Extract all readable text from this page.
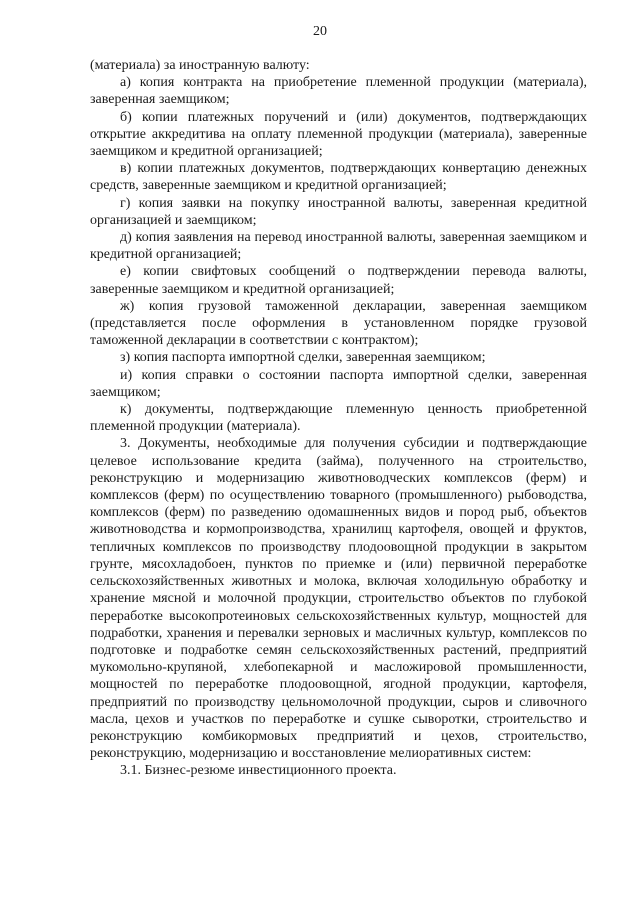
20

(материала) за иностранную валюту:

а) копия контракта на приобретение племенной продукции (материала), заверенная заемщиком;

б) копии платежных поручений и (или) документов, подтверждающих открытие аккредитива на оплату племенной продукции (материала), заверенные заемщиком и кредитной организацией;

в) копии платежных документов, подтверждающих конвертацию денежных средств, заверенные заемщиком и кредитной организацией;

г) копия заявки на покупку иностранной валюты, заверенная кредитной организацией и заемщиком;

д) копия заявления на перевод иностранной валюты, заверенная заемщиком и кредитной организацией;

е) копии свифтовых сообщений о подтверждении перевода валюты, заверенные заемщиком и кредитной организацией;

ж) копия грузовой таможенной декларации, заверенная заемщиком (представляется после оформления в установленном порядке грузовой таможенной декларации в соответствии с контрактом);

з) копия паспорта импортной сделки, заверенная заемщиком;

и) копия справки о состоянии паспорта импортной сделки, заверенная заемщиком;

к) документы, подтверждающие племенную ценность приобретенной племенной продукции (материала).

3. Документы, необходимые для получения субсидии и подтверждающие целевое использование кредита (займа), полученного на строительство, реконструкцию и модернизацию животноводческих комплексов (ферм) и комплексов (ферм) по осуществлению товарного (промышленного) рыбоводства, комплексов (ферм) по разведению одомашненных видов и пород рыб, объектов животноводства и кормопроизводства, хранилищ картофеля, овощей и фруктов, тепличных комплексов по производству плодоовощной продукции в закрытом грунте, мясохладобоен, пунктов по приемке и (или) первичной переработке сельскохозяйственных животных и молока, включая холодильную обработку и хранение мясной и молочной продукции, строительство объектов по глубокой переработке высокопротеиновых сельскохозяйственных культур, мощностей для подработки, хранения и перевалки зерновых и масличных культур, комплексов по подготовке и подработке семян сельскохозяйственных растений, предприятий мукомольно-крупяной, хлебопекарной и масложировой промышленности, мощностей по переработке плодоовощной, ягодной продукции, картофеля, предприятий по производству цельномолочной продукции, сыров и сливочного масла, цехов и участков по переработке и сушке сыворотки, строительство и реконструкцию комбикормовых предприятий и цехов, строительство, реконструкцию, модернизацию и восстановление мелиоративных систем:

3.1. Бизнес-резюме инвестиционного проекта.
